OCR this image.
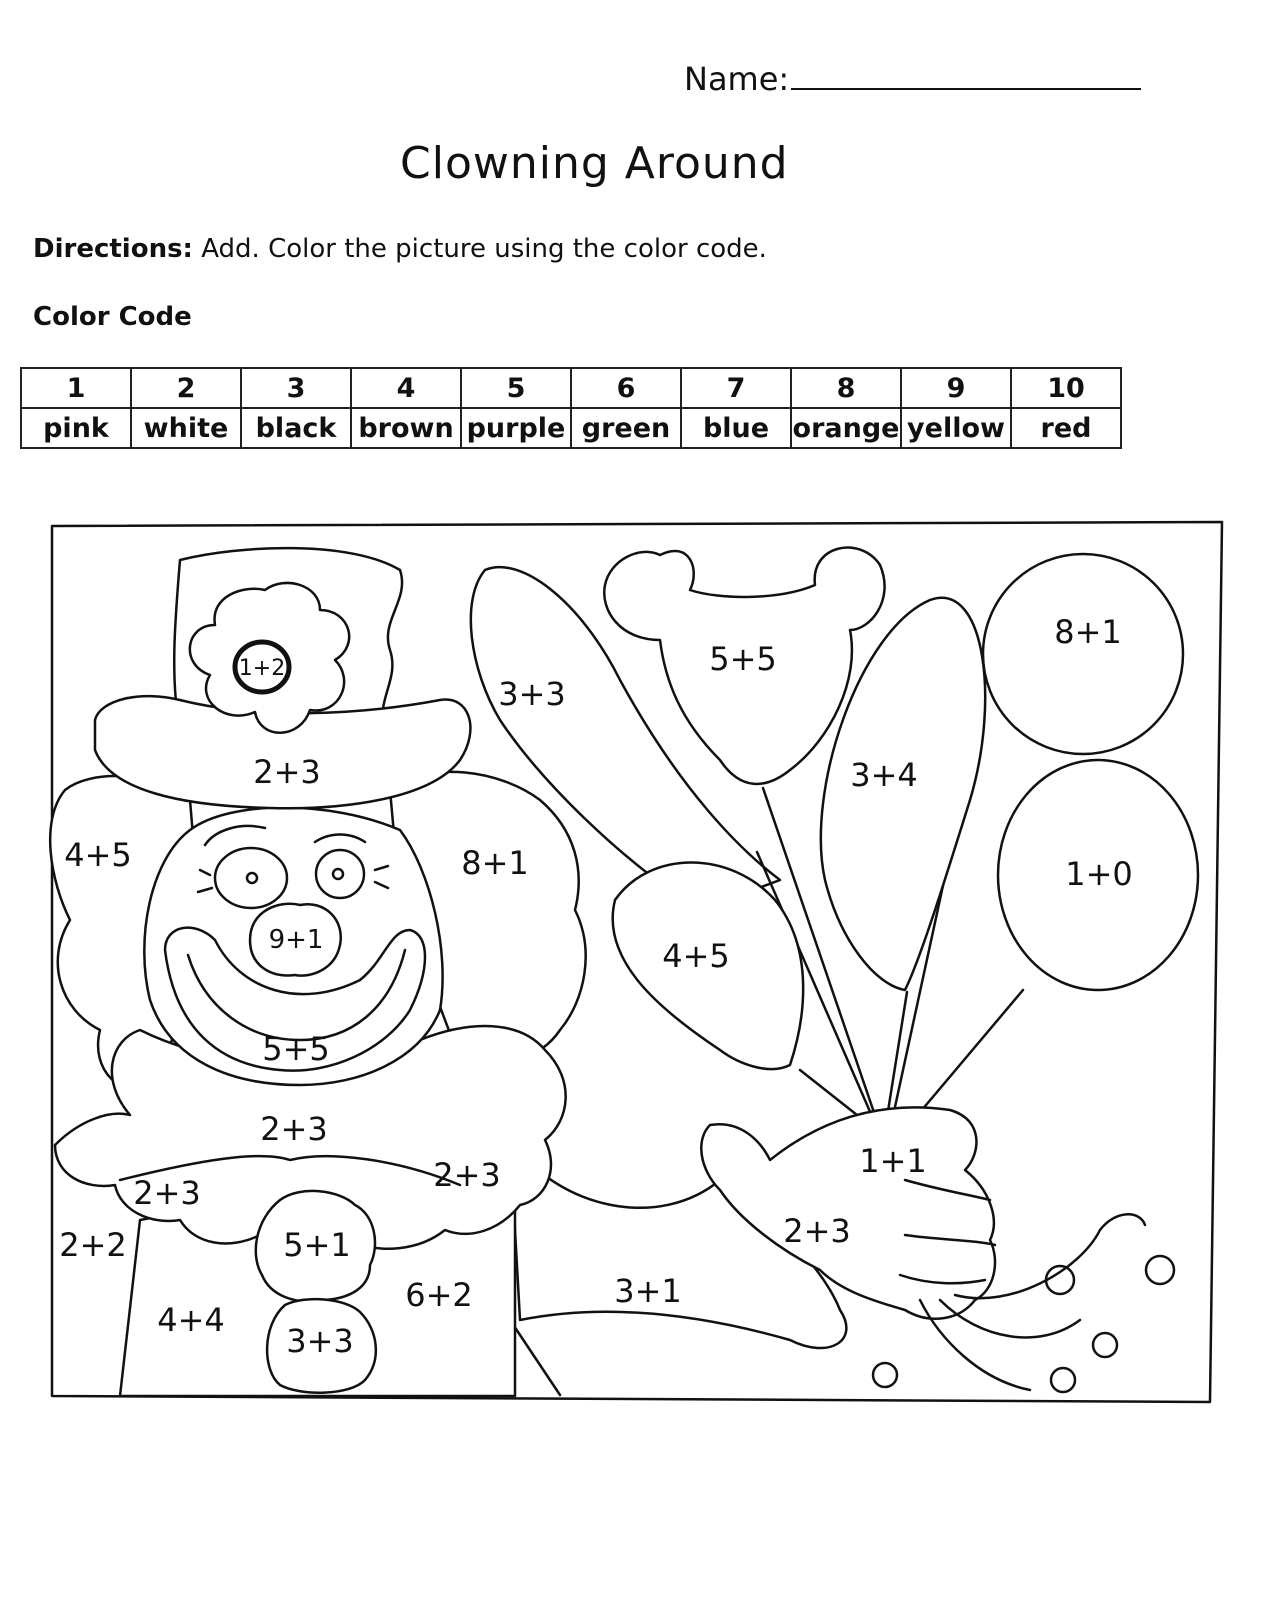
Name:
Clowning Around
Directions: Add. Color the picture using the color code.
Color Code
1	2	3	4	5	6	7	8	9	10
pink	white	black	brown	purple	green	blue	orange	yellow	red
1+2
2+3
4+5	8+1
9+1
5+5
2+3
2+3	2+3
2+2
4+4
5+1
3+3
6+2	3+1
2+3
1+1
3+3
5+5
8+1
3+4
1+0
4+5
